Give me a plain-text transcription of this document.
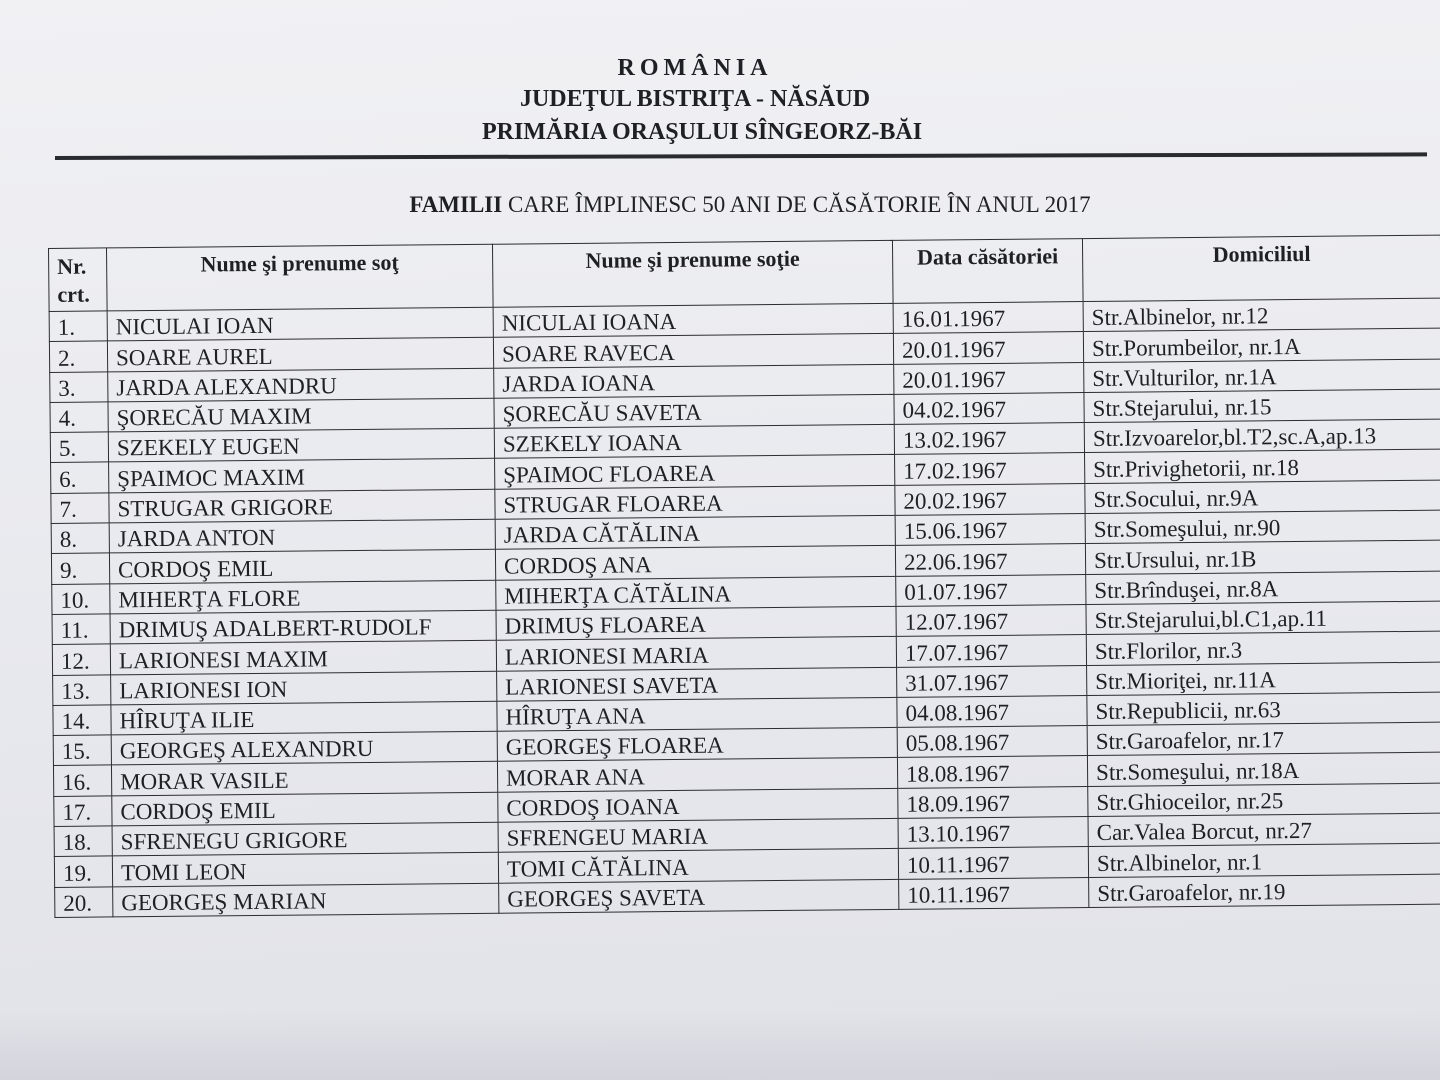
ROMÂNIA
JUDEŢUL BISTRIŢA - NĂSĂUD
PRIMĂRIA ORAŞULUI SÎNGEORZ-BĂI
FAMILII CARE ÎMPLINESC 50 ANI DE CĂSĂTORIE ÎN ANUL 2017
Nr.
crt.	Nume şi prenume soţ	Nume şi prenume soţie	Data căsătoriei	Domiciliul
1.	NICULAI IOAN	NICULAI IOANA	16.01.1967	Str.Albinelor, nr.12
2.	SOARE AUREL	SOARE RAVECA	20.01.1967	Str.Porumbeilor, nr.1A
3.	JARDA ALEXANDRU	JARDA IOANA	20.01.1967	Str.Vulturilor, nr.1A
4.	ŞORECĂU MAXIM	ŞORECĂU SAVETA	04.02.1967	Str.Stejarului, nr.15
5.	SZEKELY EUGEN	SZEKELY IOANA	13.02.1967	Str.Izvoarelor,bl.T2,sc.A,ap.13
6.	ŞPAIMOC MAXIM	ŞPAIMOC FLOAREA	17.02.1967	Str.Privighetorii, nr.18
7.	STRUGAR GRIGORE	STRUGAR FLOAREA	20.02.1967	Str.Socului, nr.9A
8.	JARDA ANTON	JARDA CĂTĂLINA	15.06.1967	Str.Someşului, nr.90
9.	CORDOŞ EMIL	CORDOŞ ANA	22.06.1967	Str.Ursului, nr.1B
10.	MIHERŢA FLORE	MIHERŢA CĂTĂLINA	01.07.1967	Str.Brînduşei, nr.8A
11.	DRIMUŞ ADALBERT-RUDOLF	DRIMUŞ FLOAREA	12.07.1967	Str.Stejarului,bl.C1,ap.11
12.	LARIONESI MAXIM	LARIONESI MARIA	17.07.1967	Str.Florilor, nr.3
13.	LARIONESI ION	LARIONESI SAVETA	31.07.1967	Str.Mioriţei, nr.11A
14.	HÎRUŢA ILIE	HÎRUŢA ANA	04.08.1967	Str.Republicii, nr.63
15.	GEORGEŞ ALEXANDRU	GEORGEŞ FLOAREA	05.08.1967	Str.Garoafelor, nr.17
16.	MORAR VASILE	MORAR ANA	18.08.1967	Str.Someşului, nr.18A
17.	CORDOŞ EMIL	CORDOŞ IOANA	18.09.1967	Str.Ghioceilor, nr.25
18.	SFRENEGU GRIGORE	SFRENGEU MARIA	13.10.1967	Car.Valea Borcut, nr.27
19.	TOMI LEON	TOMI CĂTĂLINA	10.11.1967	Str.Albinelor, nr.1
20.	GEORGEŞ MARIAN	GEORGEŞ SAVETA	10.11.1967	Str.Garoafelor, nr.19
